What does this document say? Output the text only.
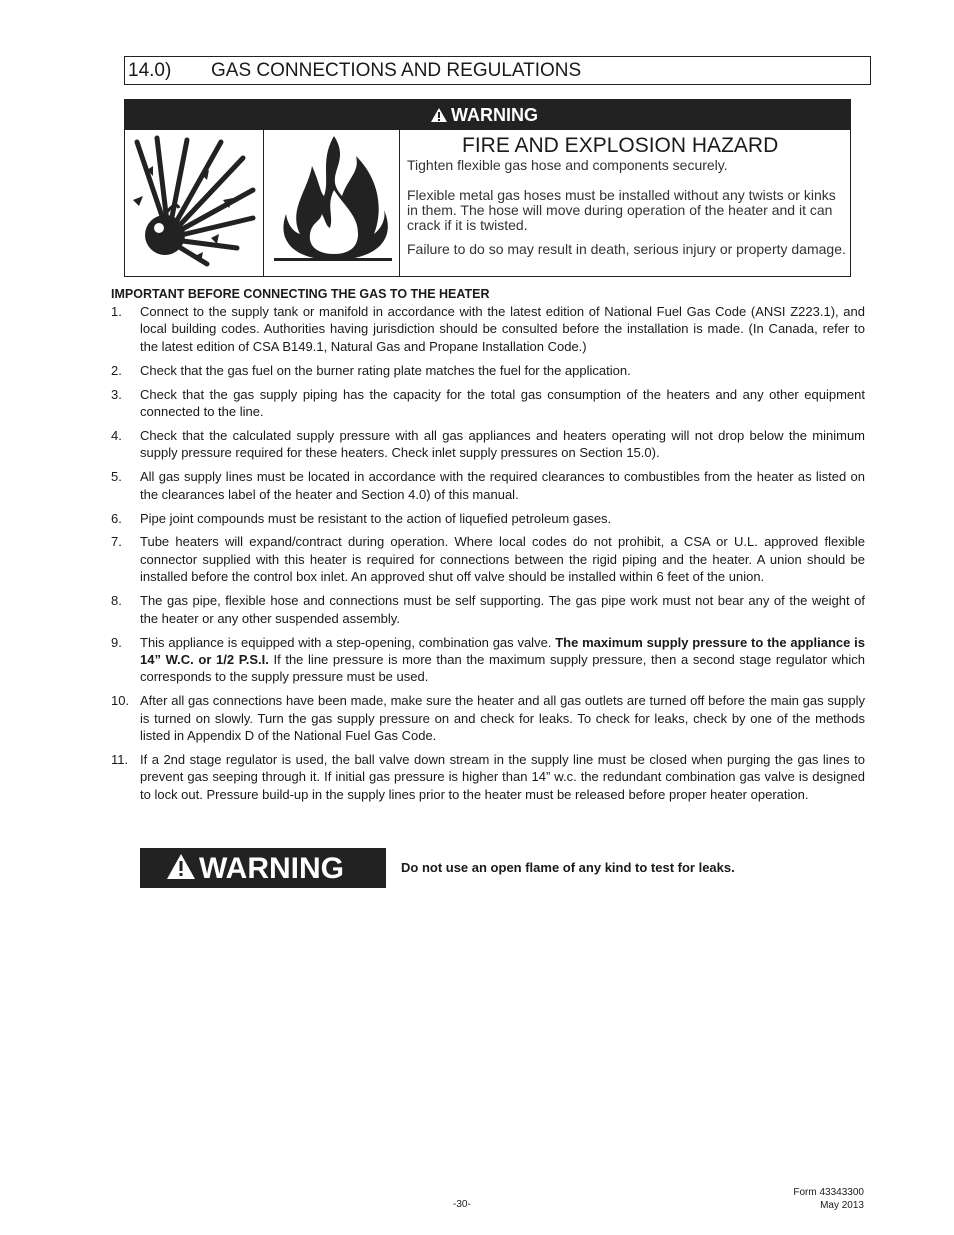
14.0) GAS CONNECTIONS AND REGULATIONS
WARNING
FIRE AND EXPLOSION HAZARD
Tighten flexible gas hose and components securely.
Flexible metal gas hoses must be installed without any twists or kinks in them. The hose will move during operation of the heater and it can crack if it is twisted.
Failure to do so may result in death, serious injury or property damage.
IMPORTANT BEFORE CONNECTING THE GAS TO THE HEATER
1. Connect to the supply tank or manifold in accordance with the latest edition of National Fuel Gas Code (ANSI Z223.1), and local building codes. Authorities having jurisdiction should be consulted before the installation is made. (In Canada, refer to the latest edition of CSA B149.1, Natural Gas and Propane Installation Code.)
2. Check that the gas fuel on the burner rating plate matches the fuel for the application.
3. Check that the gas supply piping has the capacity for the total gas consumption of the heaters and any other equipment connected to the line.
4. Check that the calculated supply pressure with all gas appliances and heaters operating will not drop below the minimum supply pressure required for these heaters. Check inlet supply pressures on Section 15.0).
5. All gas supply lines must be located in accordance with the required clearances to combustibles from the heater as listed on the clearances label of the heater and Section 4.0) of this manual.
6. Pipe joint compounds must be resistant to the action of liquefied petroleum gases.
7. Tube heaters will expand/contract during operation. Where local codes do not prohibit, a CSA or U.L. approved flexible connector supplied with this heater is required for connections between the rigid piping and the heater. A union should be installed before the control box inlet. An approved shut off valve should be installed within 6 feet of the union.
8. The gas pipe, flexible hose and connections must be self supporting. The gas pipe work must not bear any of the weight of the heater or any other suspended assembly.
9. This appliance is equipped with a step-opening, combination gas valve. The maximum supply pressure to the appliance is 14” W.C. or 1/2 P.S.I. If the line pressure is more than the maximum supply pressure, then a second stage regulator which corresponds to the supply pressure must be used.
10. After all gas connections have been made, make sure the heater and all gas outlets are turned off before the main gas supply is turned on slowly. Turn the gas supply pressure on and check for leaks. To check for leaks, check by one of the methods listed in Appendix D of the National Fuel Gas Code.
11. If a 2nd stage regulator is used, the ball valve down stream in the supply line must be closed when purging the gas lines to prevent gas seeping through it. If initial gas pressure is higher than 14” w.c. the redundant combination gas valve is designed to lock out. Pressure build-up in the supply lines prior to the heater must be released before proper heater operation.
WARNING	Do not use an open flame of any kind to test for leaks.
-30-
Form 43343300
May 2013
